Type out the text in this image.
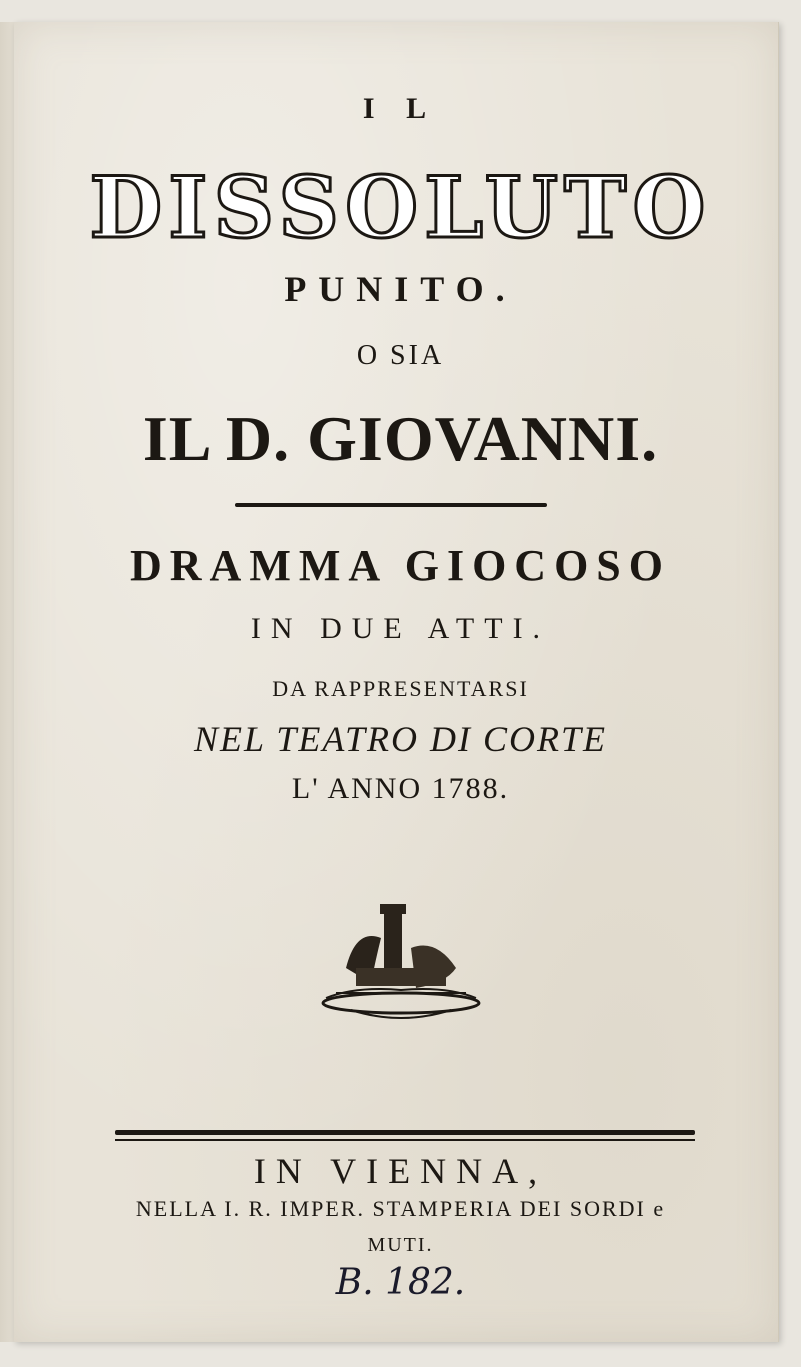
I L
DISSOLUTO
PUNITO.
O SIA
IL D. GIOVANNI.
DRAMMA GIOCOSO
IN DUE ATTI.
DA RAPPRESENTARSI
NEL TEATRO DI CORTE
L' ANNO 1788.
IN VIENNA,
NELLA I. R. IMPER. STAMPERIA DEI SORDI e
MUTI.
B. 182.
